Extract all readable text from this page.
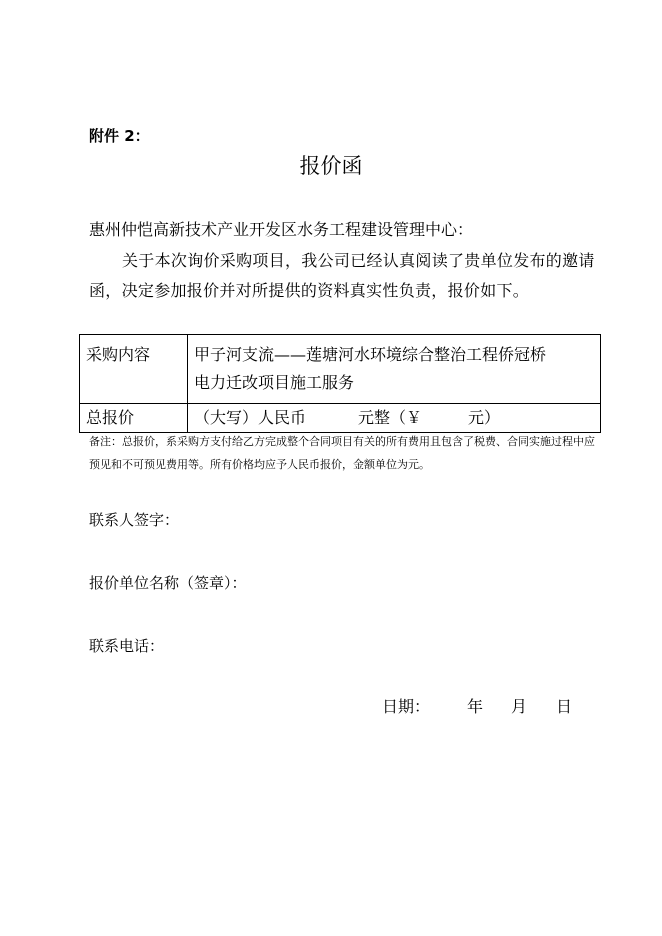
附件 2：
报价函
惠州仲恺高新技术产业开发区水务工程建设管理中心：
关于本次询价采购项目，我公司已经认真阅读了贵单位发布的邀请函，决定参加报价并对所提供的资料真实性负责，报价如下。
采购内容	甲子河支流——莲塘河水环境综合整治工程侨冠桥
电力迁改项目施工服务

总报价	（大写）人民币 元整（￥ 元）
备注：总报价，系采购方支付给乙方完成整个合同项目有关的所有费用且包含了税费、合同实施过程中应预见和不可预见费用等。所有价格均应予人民币报价，金额单位为元。
联系人签字：
报价单位名称（签章）：
联系电话：
日期： 年 月 日
